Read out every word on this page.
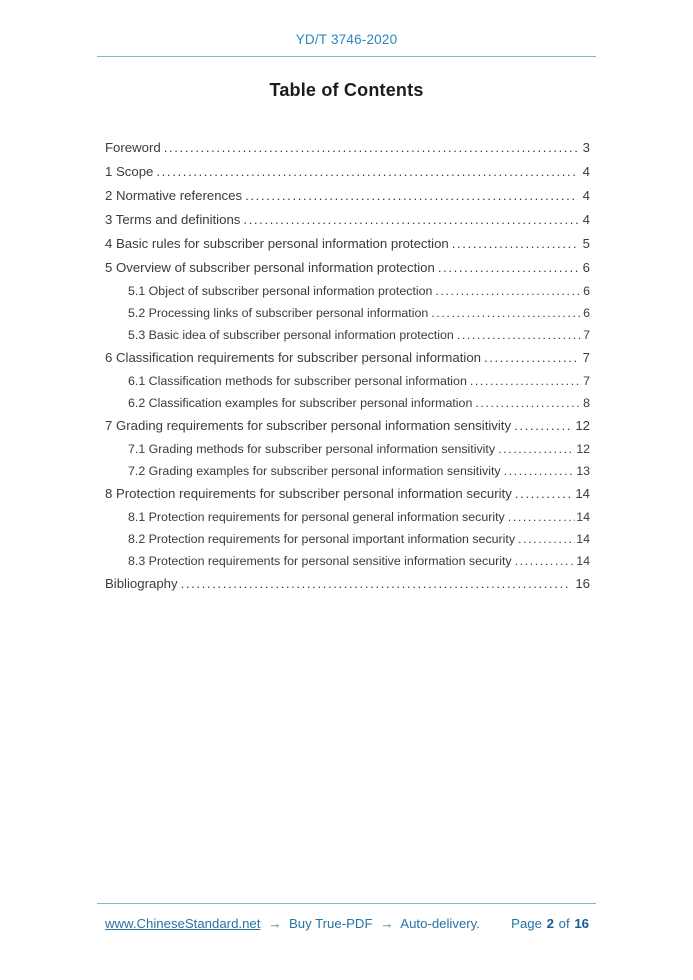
YD/T 3746-2020
Table of Contents
Foreword .....	3
1 Scope .....	4
2 Normative references .....	4
3 Terms and definitions .....	4
4 Basic rules for subscriber personal information protection .....	5
5 Overview of subscriber personal information protection .....	6
5.1 Object of subscriber personal information protection .....	6
5.2 Processing links of subscriber personal information .....	6
5.3 Basic idea of subscriber personal information protection .....	7
6 Classification requirements for subscriber personal information .....	7
6.1 Classification methods for subscriber personal information .....	7
6.2 Classification examples for subscriber personal information .....	8
7 Grading requirements for subscriber personal information sensitivity .....	12
7.1 Grading methods for subscriber personal information sensitivity .....	12
7.2 Grading examples for subscriber personal information sensitivity .....	13
8 Protection requirements for subscriber personal information security .....	14
8.1 Protection requirements for personal general information security .....	14
8.2 Protection requirements for personal important information security .....	14
8.3 Protection requirements for personal sensitive information security .....	14
Bibliography .....	16
www.ChineseStandard.net → Buy True-PDF → Auto-delivery. Page 2 of 16
